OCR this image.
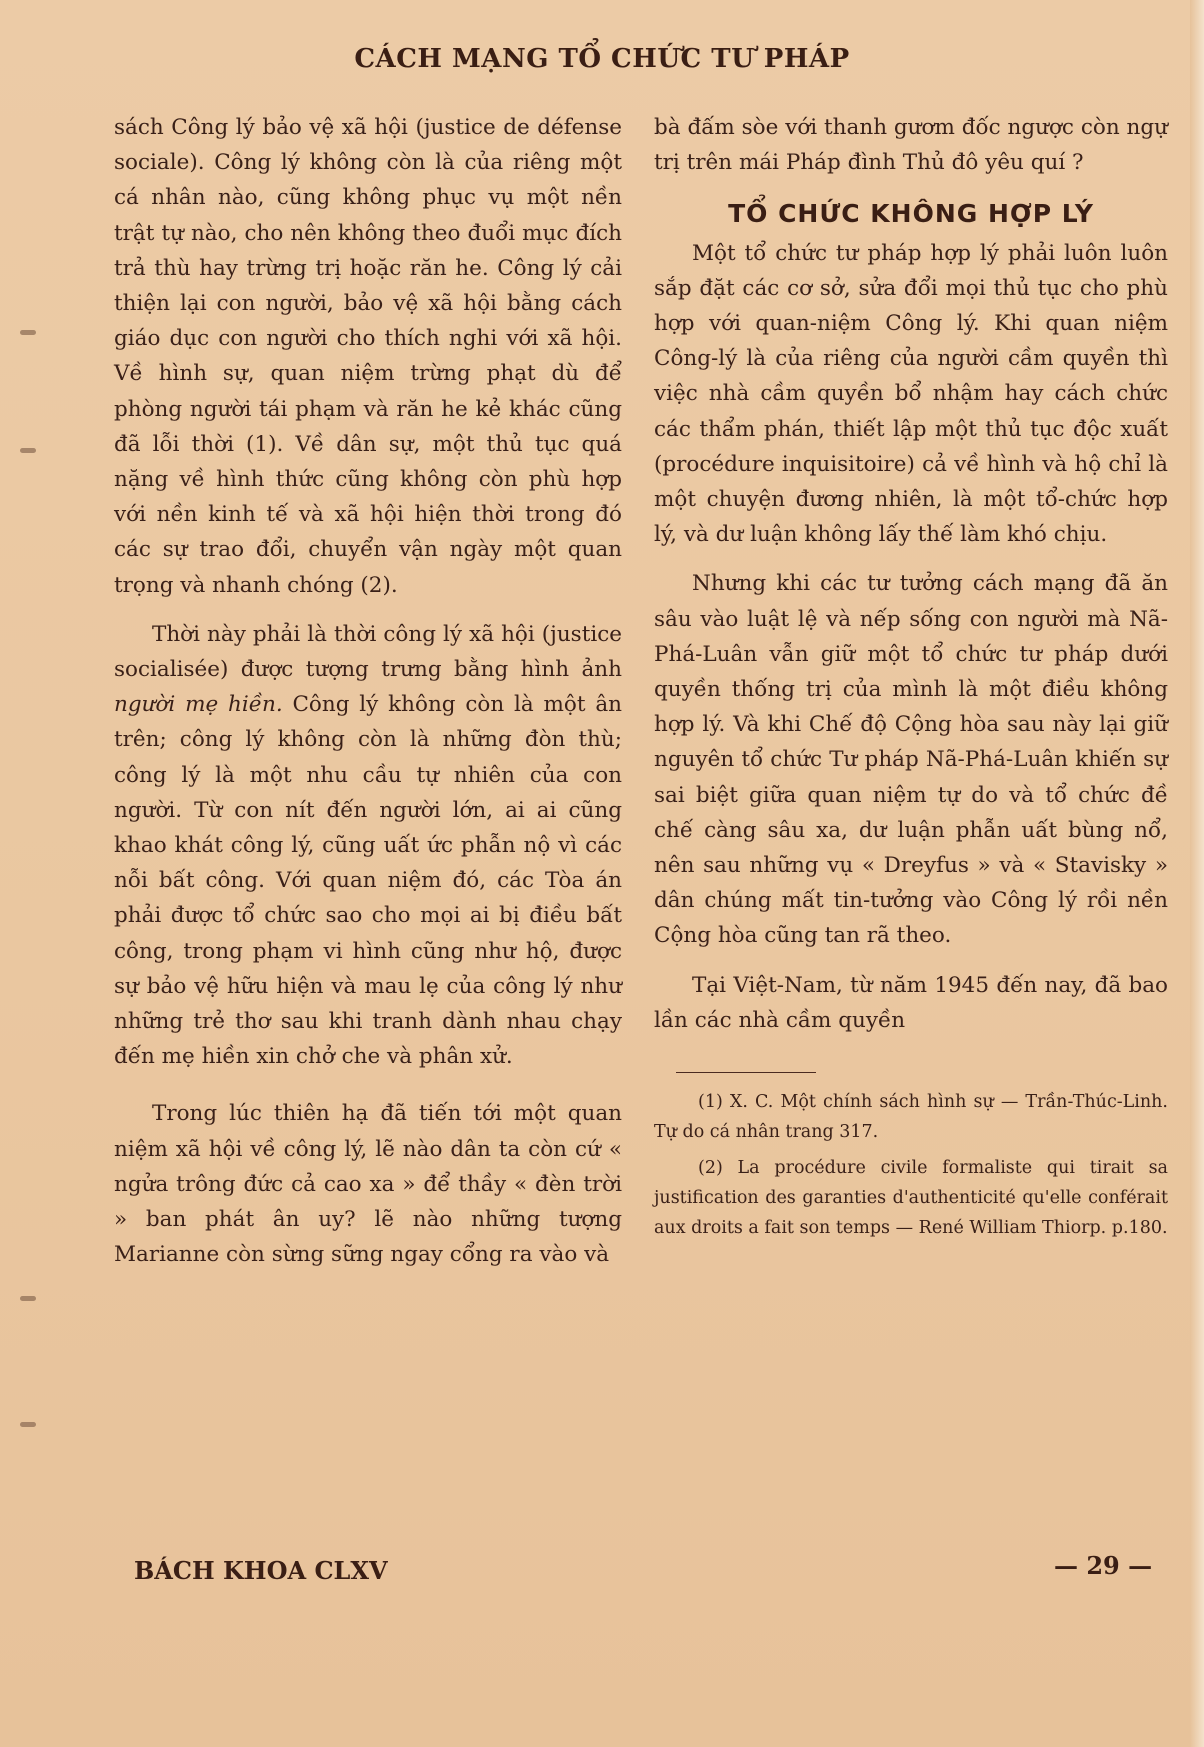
CÁCH MẠNG TỔ CHỨC TƯ PHÁP

sách Công lý bảo vệ xã hội (justice de défense sociale). Công lý không còn là của riêng một cá nhân nào, cũng không phục vụ một nền trật tự nào, cho nên không theo đuổi mục đích trả thù hay trừng trị hoặc răn he. Công lý cải thiện lại con người, bảo vệ xã hội bằng cách giáo dục con người cho thích nghi với xã hội. Về hình sự, quan niệm trừng phạt dù để phòng người tái phạm và răn he kẻ khác cũng đã lỗi thời (1). Về dân sự, một thủ tục quá nặng về hình thức cũng không còn phù hợp với nền kinh tế và xã hội hiện thời trong đó các sự trao đổi, chuyển vận ngày một quan trọng và nhanh chóng (2).

Thời này phải là thời công lý xã hội (justice socialisée) được tượng trưng bằng hình ảnh người mẹ hiền. Công lý không còn là một ân trên; công lý không còn là những đòn thù; công lý là một nhu cầu tự nhiên của con người. Từ con nít đến người lớn, ai ai cũng khao khát công lý, cũng uất ức phẫn nộ vì các nỗi bất công. Với quan niệm đó, các Tòa án phải được tổ chức sao cho mọi ai bị điều bất công, trong phạm vi hình cũng như hộ, được sự bảo vệ hữu hiện và mau lẹ của công lý như những trẻ thơ sau khi tranh dành nhau chạy đến mẹ hiền xin chở che và phân xử.

Trong lúc thiên hạ đã tiến tới một quan niệm xã hội về công lý, lẽ nào dân ta còn cứ « ngửa trông đức cả cao xa » để thầy « đèn trời » ban phát ân uy? lẽ nào những tượng Marianne còn sừng sững ngay cổng ra vào và

bà đấm sòe với thanh gươm đốc ngược còn ngự trị trên mái Pháp đình Thủ đô yêu quí ?

TỔ CHỨC KHÔNG HỢP LÝ

Một tổ chức tư pháp hợp lý phải luôn luôn sắp đặt các cơ sở, sửa đổi mọi thủ tục cho phù hợp với quan-niệm Công lý. Khi quan niệm Công-lý là của riêng của người cầm quyền thì việc nhà cầm quyền bổ nhậm hay cách chức các thẩm phán, thiết lập một thủ tục độc xuất (procédure inquisitoire) cả về hình và hộ chỉ là một chuyện đương nhiên, là một tổ-chức hợp lý, và dư luận không lấy thế làm khó chịu.

Nhưng khi các tư tưởng cách mạng đã ăn sâu vào luật lệ và nếp sống con người mà Nã-Phá-Luân vẫn giữ một tổ chức tư pháp dưới quyền thống trị của mình là một điều không hợp lý. Và khi Chế độ Cộng hòa sau này lại giữ nguyên tổ chức Tư pháp Nã-Phá-Luân khiến sự sai biệt giữa quan niệm tự do và tổ chức đề chế càng sâu xa, dư luận phẫn uất bùng nổ, nên sau những vụ « Dreyfus » và « Stavisky » dân chúng mất tin-tưởng vào Công lý rồi nền Cộng hòa cũng tan rã theo.

Tại Việt-Nam, từ năm 1945 đến nay, đã bao lần các nhà cầm quyền

(1) X. C. Một chính sách hình sự — Trần-Thúc-Linh. Tự do cá nhân trang 317.

(2) La procédure civile formaliste qui tirait sa justification des garanties d'authenticité qu'elle conférait aux droits a fait son temps — René William Thiorp. p.180.

BÁCH KHOA CLXV	— 29 —
